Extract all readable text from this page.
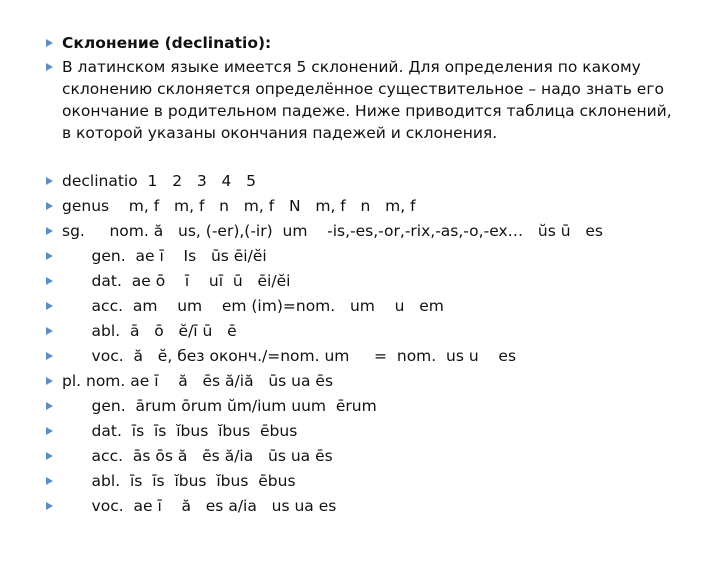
Склонение (declinatio):

В латинском языке имеется 5 склонений. Для определения по какому склонению склоняется определённое существительное – надо знать его окончание в родительном падеже. Ниже приводится таблица склонений, в которой указаны окончания падежей и склонения.

declinatio  1   2   3   4   5

genus    m, f   m, f   n   m, f   N   m, f   n   m, f

sg.     nom. ă   us, (-er),(-ir)  um    -is,-es,-or,-rix,-as,-o,-ex…   ŭs ū   es

gen.  ae ī    Is   ūs ēi/ĕi

dat.  ae ō    ī    uī  ū   ēi/ĕi

acc.  am    um    em (im)=nom.   um    u   em

abl.  ā   ō   ĕ/ī ū   ē

voc.  ă   ĕ, без оконч./=nom. um     =  nom.  us u    es

pl. nom. ae ī    ă   ēs ă/iă   ūs ua ēs

gen.  ārum ōrum ŭm/ium uum  ērum

dat.  īs  īs  ĭbus  ĭbus  ēbus

acc.  ās ōs ă   ēs ă/ia   ūs ua ēs

abl.  īs  īs  ĭbus  ĭbus  ēbus

voc.  ae ī    ă   es a/ia   us ua es
